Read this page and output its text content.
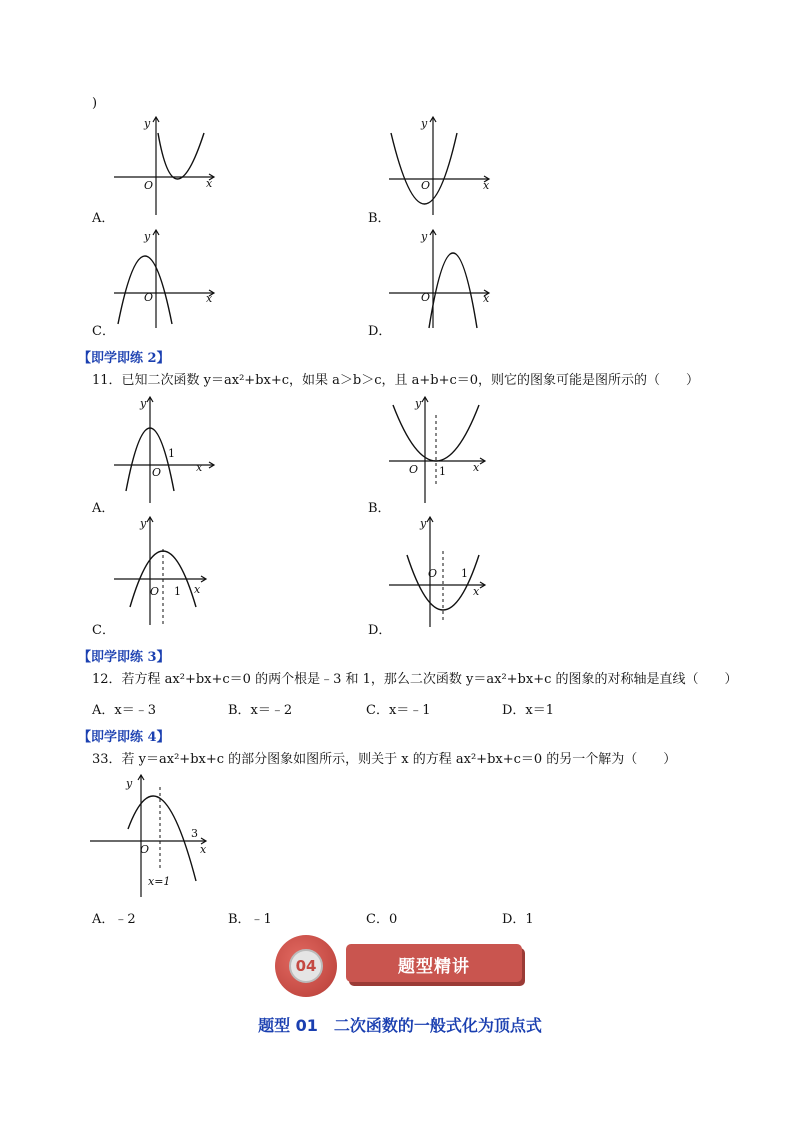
)
y
x
O
A．
y
x
O
B．
y
x
O
C．
y
x
O
D．
【即学即练 2】
11．已知二次函数 y＝ax²+bx+c，如果 a＞b＞c，且 a+b+c＝0，则它的图象可能是图所示的（　　）
y
x
O
1
A．
y
x
O 1
B．
y
x
O 1
C．
y
x
O 1
D．
【即学即练 3】
12．若方程 ax²+bx+c＝0 的两个根是﹣3 和 1，那么二次函数 y＝ax²+bx+c 的图象的对称轴是直线（　　）
A．x＝﹣3	B．x＝﹣2	C．x＝﹣1	D．x＝1
【即学即练 4】
33．若 y＝ax²+bx+c 的部分图象如图所示，则关于 x 的方程 ax²+bx+c＝0 的另一个解为（　　）
y
x
O
3
x=1
A．﹣2	B．﹣1	C．0	D．1
题型精讲
04
题型 01　二次函数的一般式化为顶点式
